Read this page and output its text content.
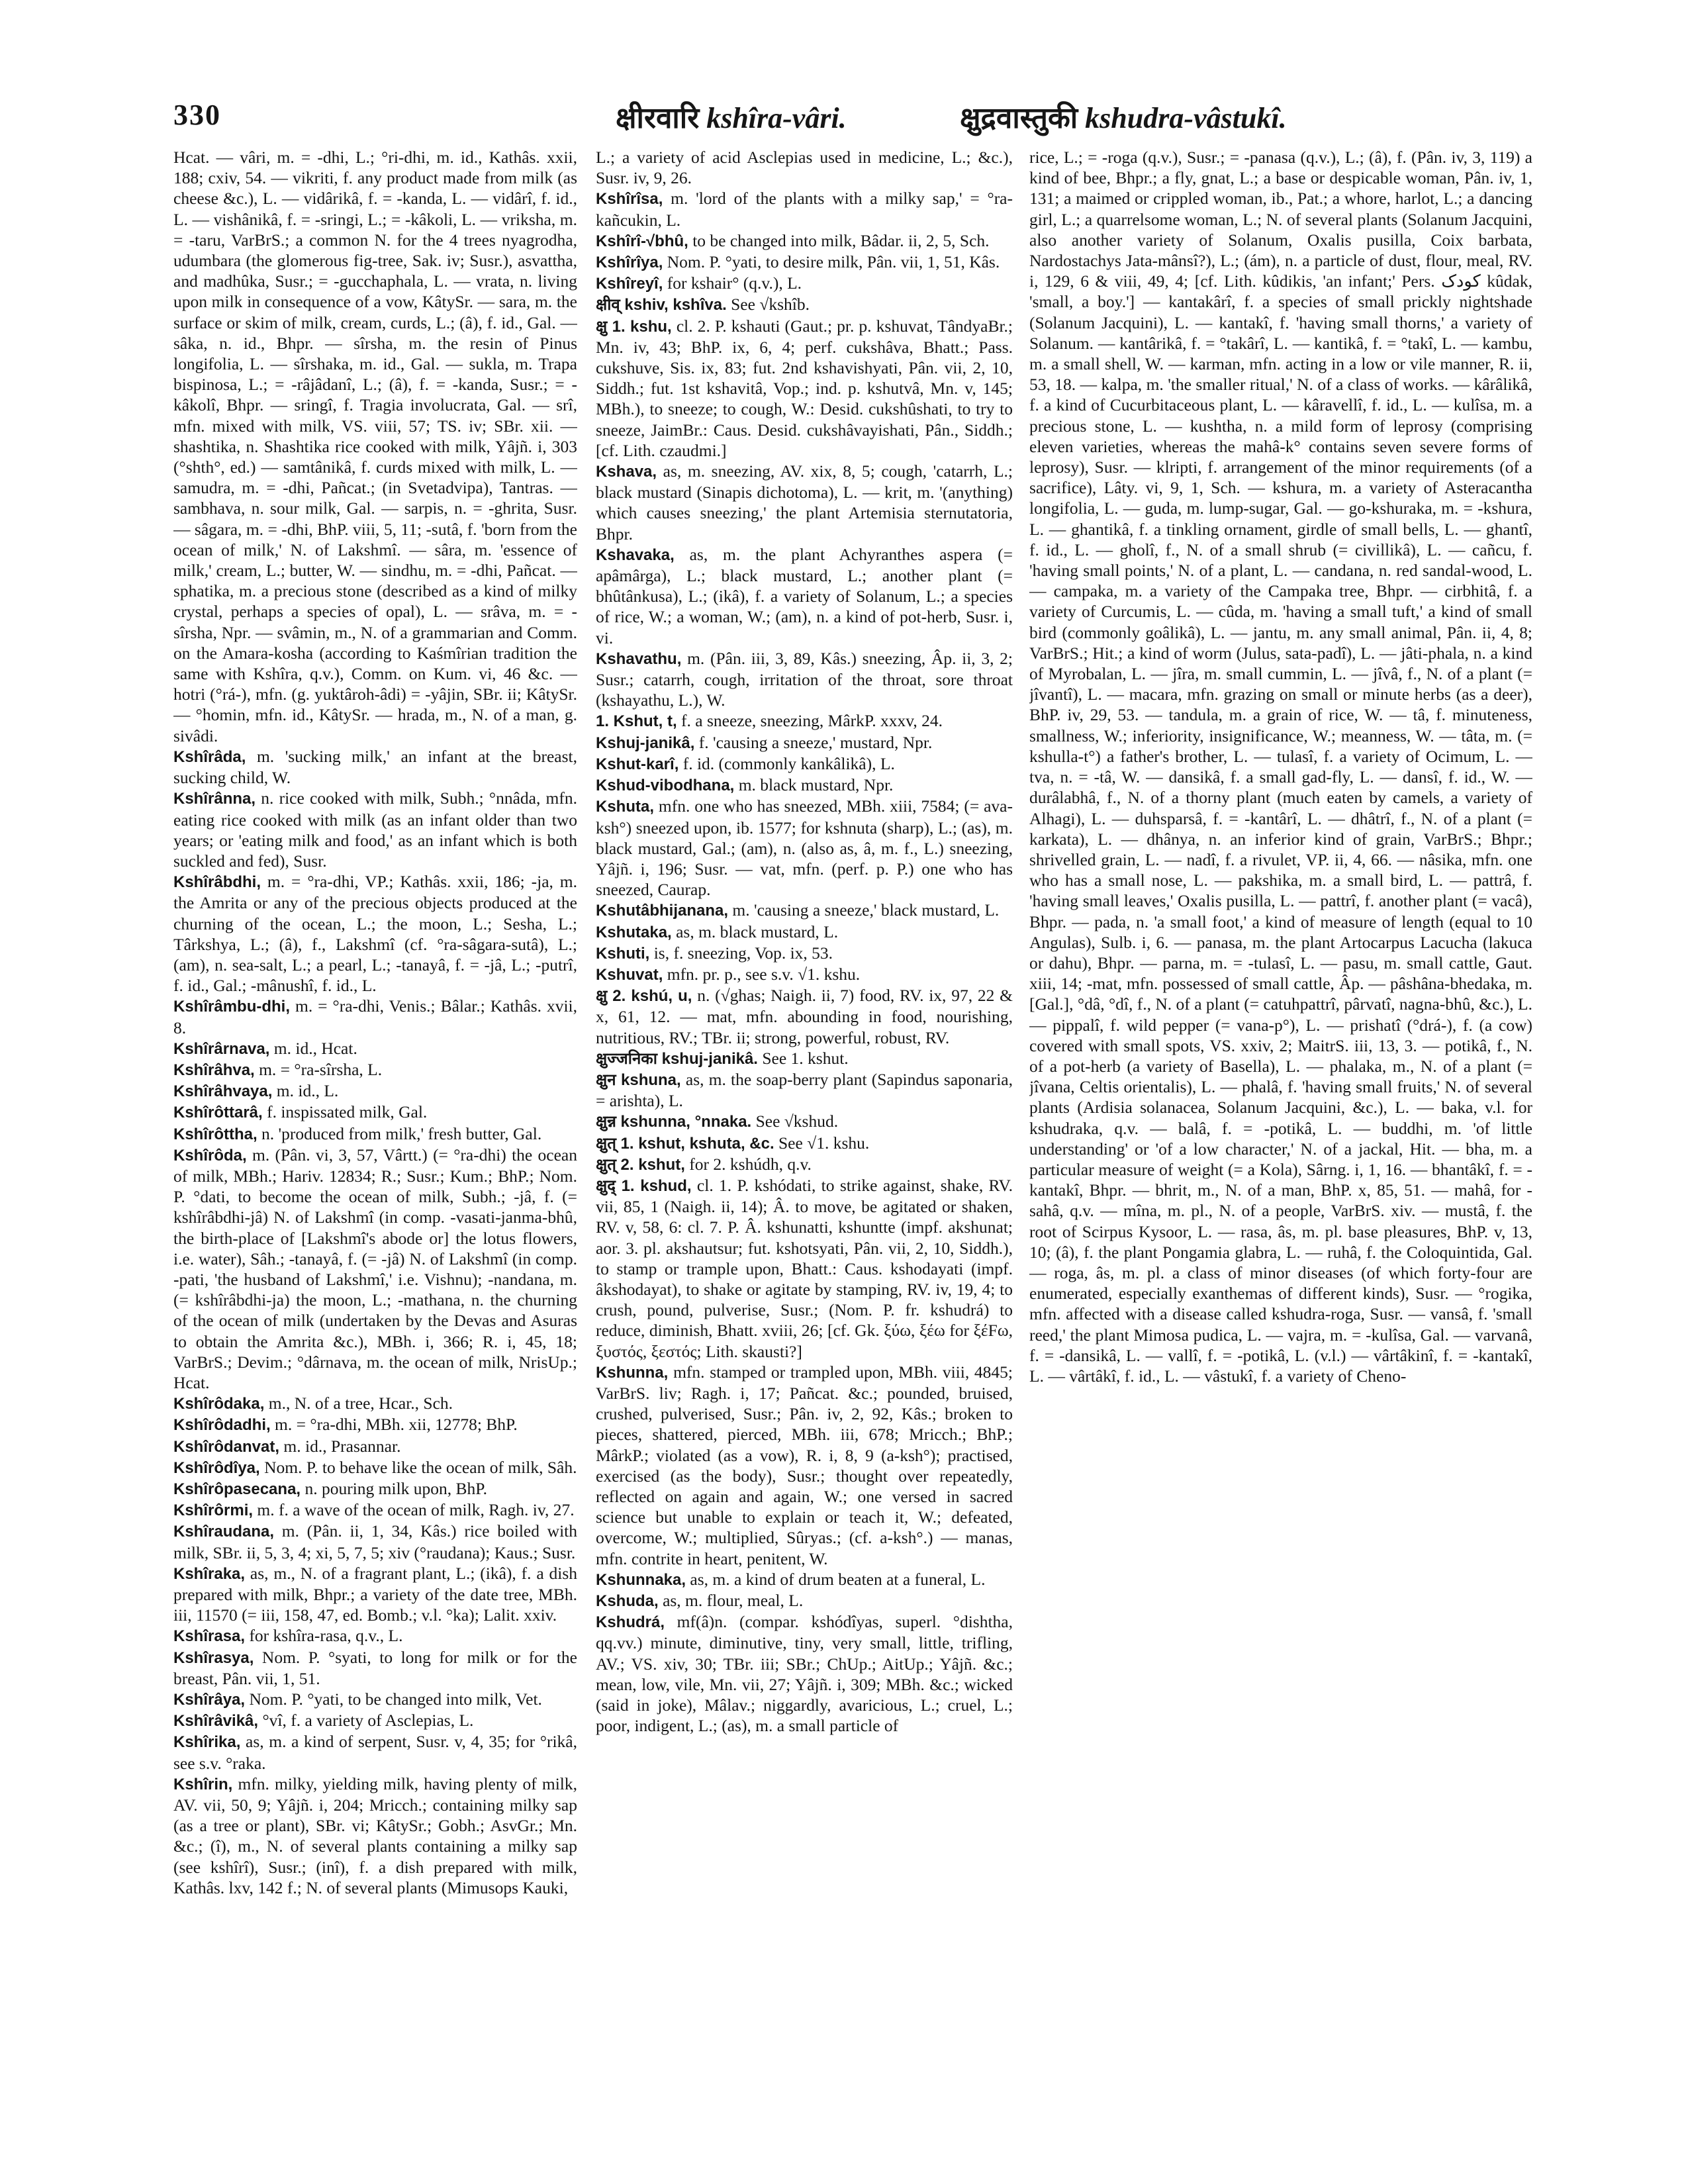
330	क्षीरवारि kshîra-vâri.	क्षुद्रवास्तुकी kshudra-vâstukî.

Hcat. — vâri, m. = -dhi, L.; °ri-dhi, m. id., Kathâs. xxii, 188; cxiv, 54. — vikriti, f. any product made from milk (as cheese &c.), L. — vidârikâ, f. = -kanda, L. — vidârî, f. id., L. — vishânikâ, f. = -sringi, L.; = -kâkoli, L. — vriksha, m. = -taru, VarBrS.; a common N. for the 4 trees nyagrodha, udumbara (the glomerous fig-tree, Sak. iv; Susr.), asvattha, and madhûka, Susr.; = -gucchaphala, L. — vrata, n. living upon milk in consequence of a vow, KâtySr. — sara, m. the surface or skim of milk, cream, curds, L.; (â), f. id., Gal. — sâka, n. id., Bhpr. — sîrsha, m. the resin of Pinus longifolia, L. — sîrshaka, m. id., Gal. — sukla, m. Trapa bispinosa, L.; = -râjâdanî, L.; (â), f. = -kanda, Susr.; = -kâkolî, Bhpr. — sringî, f. Tragia involucrata, Gal. — srî, mfn. mixed with milk, VS. viii, 57; TS. iv; SBr. xii. — shashtika, n. Shashtika rice cooked with milk, Yâjñ. i, 303 (°shth°, ed.) — samtânikâ, f. curds mixed with milk, L. — samudra, m. = -dhi, Pañcat.; (in Svetadvipa), Tantras. — sambhava, n. sour milk, Gal. — sarpis, n. = -ghrita, Susr. — sâgara, m. = -dhi, BhP. viii, 5, 11; -sutâ, f. 'born from the ocean of milk,' N. of Lakshmî. — sâra, m. 'essence of milk,' cream, L.; butter, W. — sindhu, m. = -dhi, Pañcat. — sphatika, m. a precious stone (described as a kind of milky crystal, perhaps a species of opal), L. — srâva, m. = -sîrsha, Npr. — svâmin, m., N. of a grammarian and Comm. on the Amara-kosha (according to Kaśmîrian tradition the same with Kshîra, q.v.), Comm. on Kum. vi, 46 &c. — hotri (°rá-), mfn. (g. yuktâroh-âdi) = -yâjin, SBr. ii; KâtySr. — °homin, mfn. id., KâtySr. — hrada, m., N. of a man, g. sivâdi.

Kshîrâda, m. 'sucking milk,' an infant at the breast, sucking child, W.

Kshîrânna, n. rice cooked with milk, Subh.; °nnâda, mfn. eating rice cooked with milk (as an infant older than two years; or 'eating milk and food,' as an infant which is both suckled and fed), Susr.

Kshîrâbdhi, m. = °ra-dhi, VP.; Kathâs. xxii, 186; -ja, m. the Amrita or any of the precious objects produced at the churning of the ocean, L.; the moon, L.; Sesha, L.; Târkshya, L.; (â), f., Lakshmî (cf. °ra-sâgara-sutâ), L.; (am), n. sea-salt, L.; a pearl, L.; -tanayâ, f. = -jâ, L.; -putrî, f. id., Gal.; -mânushî, f. id., L.

Kshîrâmbu-dhi, m. = °ra-dhi, Venis.; Bâlar.; Kathâs. xvii, 8.

Kshîrârnava, m. id., Hcat.

Kshîrâhva, m. = °ra-sîrsha, L.

Kshîrâhvaya, m. id., L.

Kshîrôttarâ, f. inspissated milk, Gal.

Kshîrôttha, n. 'produced from milk,' fresh butter, Gal.

Kshîrôda, m. (Pân. vi, 3, 57, Vârtt.) (= °ra-dhi) the ocean of milk, MBh.; Hariv. 12834; R.; Susr.; Kum.; BhP.; Nom. P. °dati, to become the ocean of milk, Subh.; -jâ, f. (= kshîrâbdhi-jâ) N. of Lakshmî (in comp. -vasati-janma-bhû, the birth-place of [Lakshmî's abode or] the lotus flowers, i.e. water), Sâh.; -tanayâ, f. (= -jâ) N. of Lakshmî (in comp. -pati, 'the husband of Lakshmî,' i.e. Vishnu); -nandana, m. (= kshîrâbdhi-ja) the moon, L.; -mathana, n. the churning of the ocean of milk (undertaken by the Devas and Asuras to obtain the Amrita &c.), MBh. i, 366; R. i, 45, 18; VarBrS.; Devim.; °dârnava, m. the ocean of milk, NrisUp.; Hcat.

Kshîrôdaka, m., N. of a tree, Hcar., Sch.

Kshîrôdadhi, m. = °ra-dhi, MBh. xii, 12778; BhP.

Kshîrôdanvat, m. id., Prasannar.

Kshîrôdîya, Nom. P. to behave like the ocean of milk, Sâh.

Kshîrôpasecana, n. pouring milk upon, BhP.

Kshîrôrmi, m. f. a wave of the ocean of milk, Ragh. iv, 27.

Kshîraudana, m. (Pân. ii, 1, 34, Kâs.) rice boiled with milk, SBr. ii, 5, 3, 4; xi, 5, 7, 5; xiv (°raudana); Kaus.; Susr.

Kshîraka, as, m., N. of a fragrant plant, L.; (ikâ), f. a dish prepared with milk, Bhpr.; a variety of the date tree, MBh. iii, 11570 (= iii, 158, 47, ed. Bomb.; v.l. °ka); Lalit. xxiv.

Kshîrasa, for kshîra-rasa, q.v., L.

Kshîrasya, Nom. P. °syati, to long for milk or for the breast, Pân. vii, 1, 51.

Kshîrâya, Nom. P. °yati, to be changed into milk, Vet.

Kshîrâvikâ, °vî, f. a variety of Asclepias, L.

Kshîrika, as, m. a kind of serpent, Susr. v, 4, 35; for °rikâ, see s.v. °raka.

Kshîrin, mfn. milky, yielding milk, having plenty of milk, AV. vii, 50, 9; Yâjñ. i, 204; Mricch.; containing milky sap (as a tree or plant), SBr. vi; KâtySr.; Gobh.; AsvGr.; Mn. &c.; (î), m., N. of several plants containing a milky sap (see kshîrî), Susr.; (inî), f. a dish prepared with milk, Kathâs. lxv, 142 f.; N. of several plants (Mimusops Kauki,

L.; a variety of acid Asclepias used in medicine, L.; &c.), Susr. iv, 9, 26.

Kshîrîsa, m. 'lord of the plants with a milky sap,' = °ra-kañcukin, L.

Kshîrî-√bhû, to be changed into milk, Bâdar. ii, 2, 5, Sch.

Kshîrîya, Nom. P. °yati, to desire milk, Pân. vii, 1, 51, Kâs.

Kshîreyî, for kshair° (q.v.), L.

क्षीव् kshiv, kshîva. See √kshîb.

क्षु 1. kshu, cl. 2. P. kshauti (Gaut.; pr. p. kshuvat, TândyaBr.; Mn. iv, 43; BhP. ix, 6, 4; perf. cukshâva, Bhatt.; Pass. cukshuve, Sis. ix, 83; fut. 2nd kshavishyati, Pân. vii, 2, 10, Siddh.; fut. 1st kshavitâ, Vop.; ind. p. kshutvâ, Mn. v, 145; MBh.), to sneeze; to cough, W.: Desid. cukshûshati, to try to sneeze, JaimBr.: Caus. Desid. cukshâvayishati, Pân., Siddh.; [cf. Lith. czaudmi.]

Kshava, as, m. sneezing, AV. xix, 8, 5; cough, 'catarrh, L.; black mustard (Sinapis dichotoma), L. — krit, m. '(anything) which causes sneezing,' the plant Artemisia sternutatoria, Bhpr.

Kshavaka, as, m. the plant Achyranthes aspera (= apâmârga), L.; black mustard, L.; another plant (= bhûtânkusa), L.; (ikâ), f. a variety of Solanum, L.; a species of rice, W.; a woman, W.; (am), n. a kind of pot-herb, Susr. i, vi.

Kshavathu, m. (Pân. iii, 3, 89, Kâs.) sneezing, Âp. ii, 3, 2; Susr.; catarrh, cough, irritation of the throat, sore throat (kshayathu, L.), W.

1. Kshut, t, f. a sneeze, sneezing, MârkP. xxxv, 24.

Kshuj-janikâ, f. 'causing a sneeze,' mustard, Npr.

Kshut-karî, f. id. (commonly kankâlikâ), L.

Kshud-vibodhana, m. black mustard, Npr.

Kshuta, mfn. one who has sneezed, MBh. xiii, 7584; (= ava-ksh°) sneezed upon, ib. 1577; for kshnuta (sharp), L.; (as), m. black mustard, Gal.; (am), n. (also as, â, m. f., L.) sneezing, Yâjñ. i, 196; Susr. — vat, mfn. (perf. p. P.) one who has sneezed, Caurap.

Kshutâbhijanana, m. 'causing a sneeze,' black mustard, L.

Kshutaka, as, m. black mustard, L.

Kshuti, is, f. sneezing, Vop. ix, 53.

Kshuvat, mfn. pr. p., see s.v. √1. kshu.

क्षु 2. kshú, u, n. (√ghas; Naigh. ii, 7) food, RV. ix, 97, 22 & x, 61, 12. — mat, mfn. abounding in food, nourishing, nutritious, RV.; TBr. ii; strong, powerful, robust, RV.

क्षुज्जनिका kshuj-janikâ. See 1. kshut.

क्षुन kshuna, as, m. the soap-berry plant (Sapindus saponaria, = arishta), L.

क्षुन्न kshunna, °nnaka. See √kshud.

क्षुत् 1. kshut, kshuta, &c. See √1. kshu.

क्षुत् 2. kshut, for 2. kshúdh, q.v.

क्षुद् 1. kshud, cl. 1. P. kshódati, to strike against, shake, RV. vii, 85, 1 (Naigh. ii, 14); Â. to move, be agitated or shaken, RV. v, 58, 6: cl. 7. P. Â. kshunatti, kshuntte (impf. akshunat; aor. 3. pl. akshautsur; fut. kshotsyati, Pân. vii, 2, 10, Siddh.), to stamp or trample upon, Bhatt.: Caus. kshodayati (impf. âkshodayat), to shake or agitate by stamping, RV. iv, 19, 4; to crush, pound, pulverise, Susr.; (Nom. P. fr. kshudrá) to reduce, diminish, Bhatt. xviii, 26; [cf. Gk. ξύω, ξέω for ξέFω, ξυστός, ξεστός; Lith. skausti?]

Kshunna, mfn. stamped or trampled upon, MBh. viii, 4845; VarBrS. liv; Ragh. i, 17; Pañcat. &c.; pounded, bruised, crushed, pulverised, Susr.; Pân. iv, 2, 92, Kâs.; broken to pieces, shattered, pierced, MBh. iii, 678; Mricch.; BhP.; MârkP.; violated (as a vow), R. i, 8, 9 (a-ksh°); practised, exercised (as the body), Susr.; thought over repeatedly, reflected on again and again, W.; one versed in sacred science but unable to explain or teach it, W.; defeated, overcome, W.; multiplied, Sûryas.; (cf. a-ksh°.) — manas, mfn. contrite in heart, penitent, W.

Kshunnaka, as, m. a kind of drum beaten at a funeral, L.

Kshuda, as, m. flour, meal, L.

Kshudrá, mf(â)n. (compar. kshódîyas, superl. °dishtha, qq.vv.) minute, diminutive, tiny, very small, little, trifling, AV.; VS. xiv, 30; TBr. iii; SBr.; ChUp.; AitUp.; Yâjñ. &c.; mean, low, vile, Mn. vii, 27; Yâjñ. i, 309; MBh. &c.; wicked (said in joke), Mâlav.; niggardly, avaricious, L.; cruel, L.; poor, indigent, L.; (as), m. a small particle of

rice, L.; = -roga (q.v.), Susr.; = -panasa (q.v.), L.; (â), f. (Pân. iv, 3, 119) a kind of bee, Bhpr.; a fly, gnat, L.; a base or despicable woman, Pân. iv, 1, 131; a maimed or crippled woman, ib., Pat.; a whore, harlot, L.; a dancing girl, L.; a quarrelsome woman, L.; N. of several plants (Solanum Jacquini, also another variety of Solanum, Oxalis pusilla, Coix barbata, Nardostachys Jata-mânsî?), L.; (ám), n. a particle of dust, flour, meal, RV. i, 129, 6 & viii, 49, 4; [cf. Lith. kûdikis, 'an infant;' Pers. کودک kûdak, 'small, a boy.'] — kantakârî, f. a species of small prickly nightshade (Solanum Jacquini), L. — kantakî, f. 'having small thorns,' a variety of Solanum. — kantârikâ, f. = °takârî, L. — kantikâ, f. = °takî, L. — kambu, m. a small shell, W. — karman, mfn. acting in a low or vile manner, R. ii, 53, 18. — kalpa, m. 'the smaller ritual,' N. of a class of works. — kârâlikâ, f. a kind of Cucurbitaceous plant, L. — kâravellî, f. id., L. — kulîsa, m. a precious stone, L. — kushtha, n. a mild form of leprosy (comprising eleven varieties, whereas the mahâ-k° contains seven severe forms of leprosy), Susr. — klripti, f. arrangement of the minor requirements (of a sacrifice), Lâty. vi, 9, 1, Sch. — kshura, m. a variety of Asteracantha longifolia, L. — guda, m. lump-sugar, Gal. — go-kshuraka, m. = -kshura, L. — ghantikâ, f. a tinkling ornament, girdle of small bells, L. — ghantî, f. id., L. — gholî, f., N. of a small shrub (= civillikâ), L. — cañcu, f. 'having small points,' N. of a plant, L. — candana, n. red sandal-wood, L. — campaka, m. a variety of the Campaka tree, Bhpr. — cirbhitâ, f. a variety of Curcumis, L. — cûda, m. 'having a small tuft,' a kind of small bird (commonly goâlikâ), L. — jantu, m. any small animal, Pân. ii, 4, 8; VarBrS.; Hit.; a kind of worm (Julus, sata-padî), L. — jâti-phala, n. a kind of Myrobalan, L. — jîra, m. small cummin, L. — jîvâ, f., N. of a plant (= jîvantî), L. — macara, mfn. grazing on small or minute herbs (as a deer), BhP. iv, 29, 53. — tandula, m. a grain of rice, W. — tâ, f. minuteness, smallness, W.; inferiority, insignificance, W.; meanness, W. — tâta, m. (= kshulla-t°) a father's brother, L. — tulasî, f. a variety of Ocimum, L. — tva, n. = -tâ, W. — dansikâ, f. a small gad-fly, L. — dansî, f. id., W. — durâlabhâ, f., N. of a thorny plant (much eaten by camels, a variety of Alhagi), L. — duhsparsâ, f. = -kantârî, L. — dhâtrî, f., N. of a plant (= karkata), L. — dhânya, n. an inferior kind of grain, VarBrS.; Bhpr.; shrivelled grain, L. — nadî, f. a rivulet, VP. ii, 4, 66. — nâsika, mfn. one who has a small nose, L. — pakshika, m. a small bird, L. — pattrâ, f. 'having small leaves,' Oxalis pusilla, L. — pattrî, f. another plant (= vacâ), Bhpr. — pada, n. 'a small foot,' a kind of measure of length (equal to 10 Angulas), Sulb. i, 6. — panasa, m. the plant Artocarpus Lacucha (lakuca or dahu), Bhpr. — parna, m. = -tulasî, L. — pasu, m. small cattle, Gaut. xiii, 14; -mat, mfn. possessed of small cattle, Âp. — pâshâna-bhedaka, m. [Gal.], °dâ, °dî, f., N. of a plant (= catuhpattrî, pârvatî, nagna-bhû, &c.), L. — pippalî, f. wild pepper (= vana-p°), L. — prishatî (°drá-), f. (a cow) covered with small spots, VS. xxiv, 2; MaitrS. iii, 13, 3. — potikâ, f., N. of a pot-herb (a variety of Basella), L. — phalaka, m., N. of a plant (= jîvana, Celtis orientalis), L. — phalâ, f. 'having small fruits,' N. of several plants (Ardisia solanacea, Solanum Jacquini, &c.), L. — baka, v.l. for kshudraka, q.v. — balâ, f. = -potikâ, L. — buddhi, m. 'of little understanding' or 'of a low character,' N. of a jackal, Hit. — bha, m. a particular measure of weight (= a Kola), Sârng. i, 1, 16. — bhantâkî, f. = -kantakî, Bhpr. — bhrit, m., N. of a man, BhP. x, 85, 51. — mahâ, for -sahâ, q.v. — mîna, m. pl., N. of a people, VarBrS. xiv. — mustâ, f. the root of Scirpus Kysoor, L. — rasa, âs, m. pl. base pleasures, BhP. v, 13, 10; (â), f. the plant Pongamia glabra, L. — ruhâ, f. the Coloquintida, Gal. — roga, âs, m. pl. a class of minor diseases (of which forty-four are enumerated, especially exanthemas of different kinds), Susr. — °rogika, mfn. affected with a disease called kshudra-roga, Susr. — vansâ, f. 'small reed,' the plant Mimosa pudica, L. — vajra, m. = -kulîsa, Gal. — varvanâ, f. = -dansikâ, L. — vallî, f. = -potikâ, L. (v.l.) — vârtâkinî, f. = -kantakî, L. — vârtâkî, f. id., L. — vâstukî, f. a variety of Cheno-
